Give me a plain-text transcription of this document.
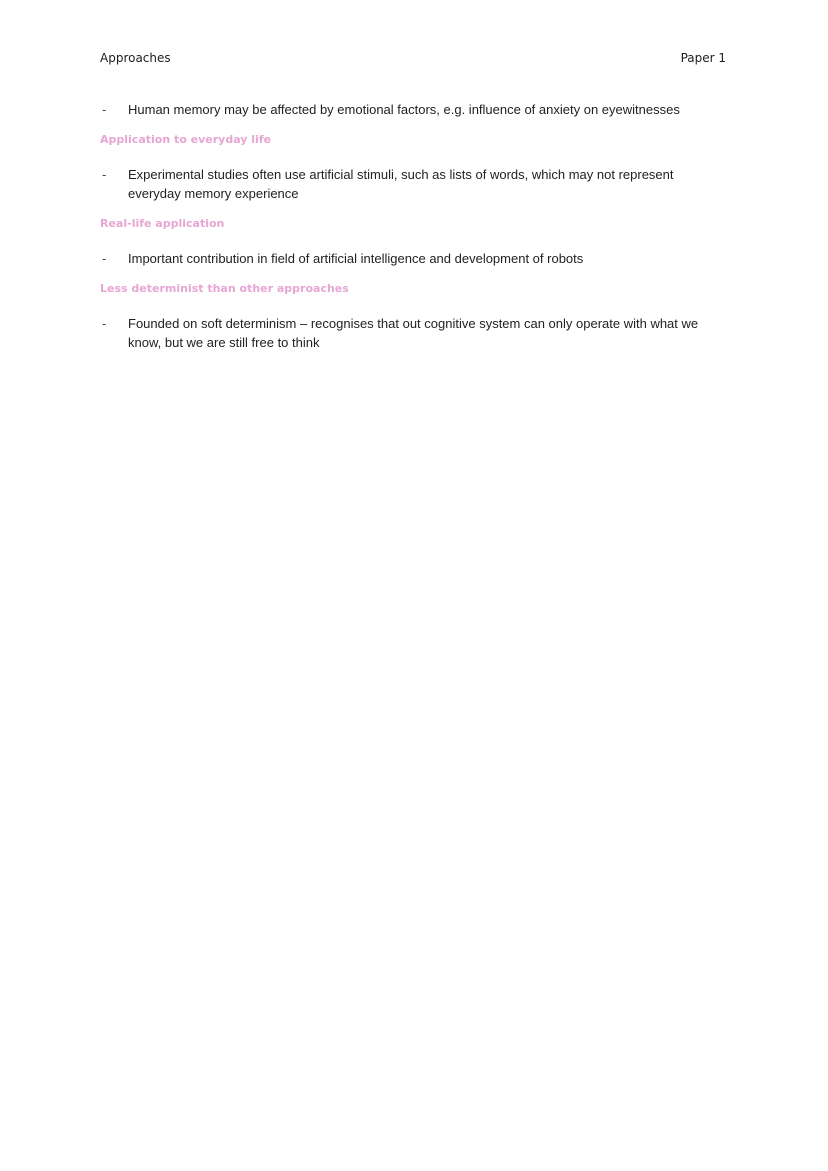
Approaches	Paper 1
-	Human memory may be affected by emotional factors, e.g. influence of anxiety on eyewitnesses
Application to everyday life
-	Experimental studies often use artificial stimuli, such as lists of words, which may not represent everyday memory experience
Real-life application
-	Important contribution in field of artificial intelligence and development of robots
Less determinist than other approaches
-	Founded on soft determinism – recognises that out cognitive system can only operate with what we know, but we are still free to think
